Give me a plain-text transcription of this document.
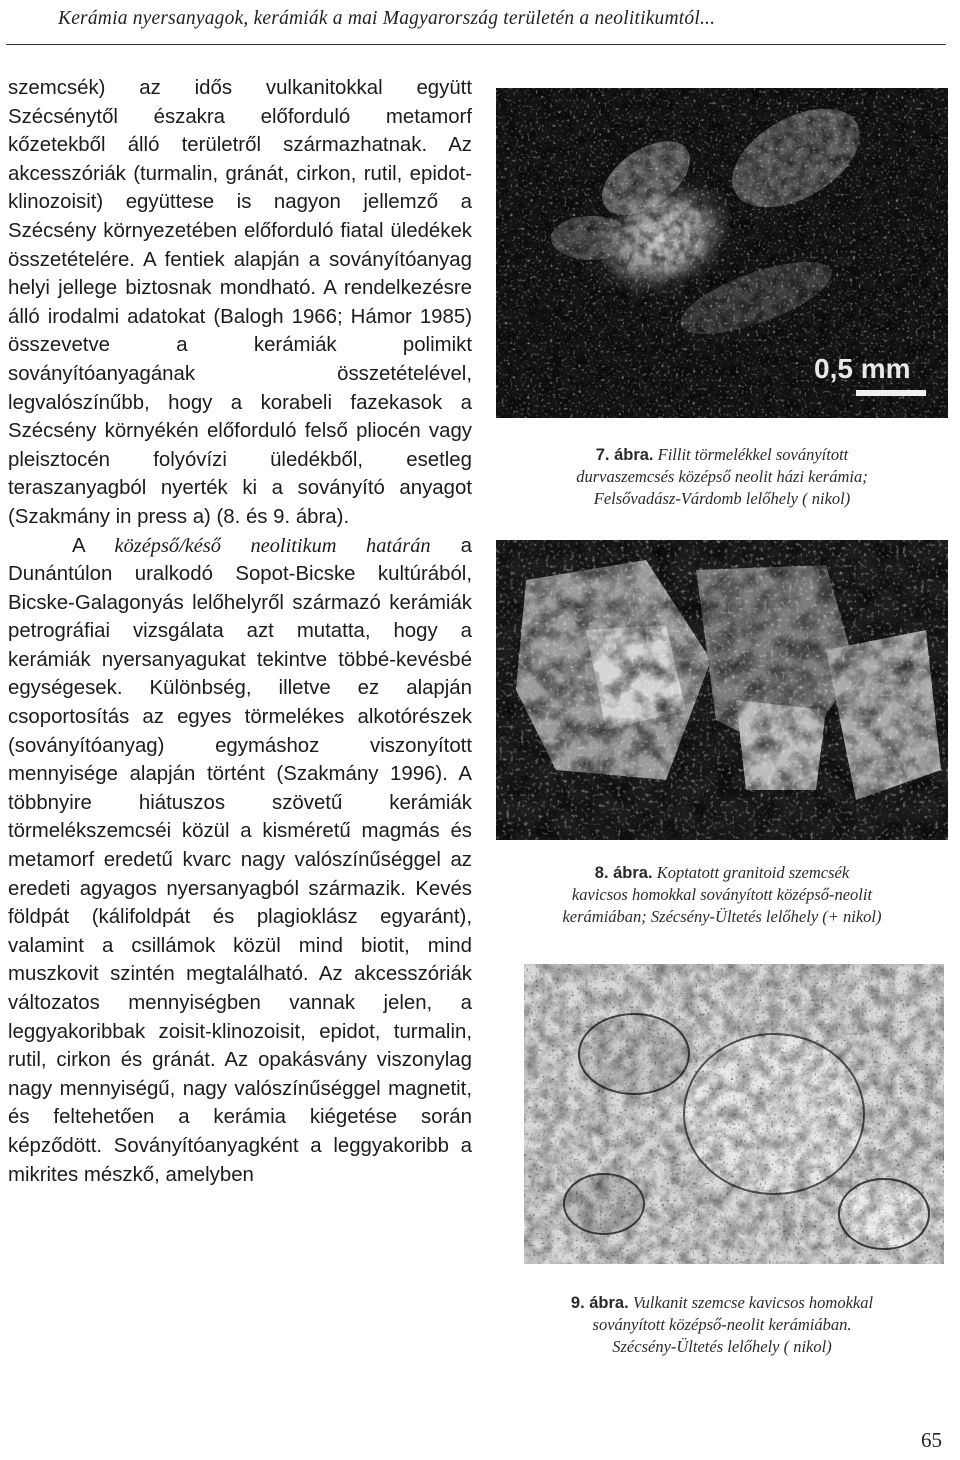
Kerámia nyersanyagok, kerámiák a mai Magyarország területén a neolitikumtól...

szemcsék) az idős vulkanitokkal együtt Szécsénytől északra előforduló metamorf kőzetekből álló területről származhatnak. Az akcesszóriák (turmalin, gránát, cirkon, rutil, epidot-klinozoisit) együttese is nagyon jellemző a Szécsény környezetében előforduló fiatal üledékek összetételére. A fentiek alapján a soványítóanyag helyi jellege biztosnak mondható. A rendelkezésre álló irodalmi adatokat (Balogh 1966; Hámor 1985) összevetve a kerámiák polimikt soványítóanyagának összetételével, legvalószínűbb, hogy a korabeli fazekasok a Szécsény környékén előforduló felső pliocén vagy pleisztocén folyóvízi üledékből, esetleg teraszanyagból nyerték ki a soványító anyagot (Szakmány in press a) (8. és 9. ábra).

A középső/késő neolitikum határán a Dunántúlon uralkodó Sopot-Bicske kultúrából, Bicske-Galagonyás lelőhelyről származó kerámiák petrográfiai vizsgálata azt mutatta, hogy a kerámiák nyersanyagukat tekintve többé-kevésbé egységesek. Különbség, illetve ez alapján csoportosítás az egyes törmelékes alkotórészek (soványítóanyag) egymáshoz viszonyított mennyisége alapján történt (Szakmány 1996). A többnyire hiátuszos szövetű kerámiák törmelékszemcséi közül a kisméretű magmás és metamorf eredetű kvarc nagy valószínűséggel az eredeti agyagos nyersanyagból származik. Kevés földpát (kálifoldpát és plagioklász egyaránt), valamint a csillámok közül mind biotit, mind muszkovit szintén megtalálható. Az akcesszóriák változatos mennyiségben vannak jelen, a leggyakoribbak zoisit-klinozoisit, epidot, turmalin, rutil, cirkon és gránát. Az opakásvány viszonylag nagy mennyiségű, nagy valószínűséggel magnetit, és feltehetően a kerámia kiégetése során képződött. Soványítóanyagként a leggyakoribb a mikrites mészkő, amelyben

0,5 mm
7. ábra. Fillit törmelékkel soványított
durvaszemcsés középső neolit házi kerámia;
Felsővadász-Várdomb lelőhely ( nikol)
8. ábra. Koptatott granitoid szemcsék
kavicsos homokkal soványított középső-neolit
kerámiában; Szécsény-Ültetés lelőhely (+ nikol)
9. ábra. Vulkanit szemcse kavicsos homokkal
soványított középső-neolit kerámiában.
Szécsény-Ültetés lelőhely ( nikol)
65
